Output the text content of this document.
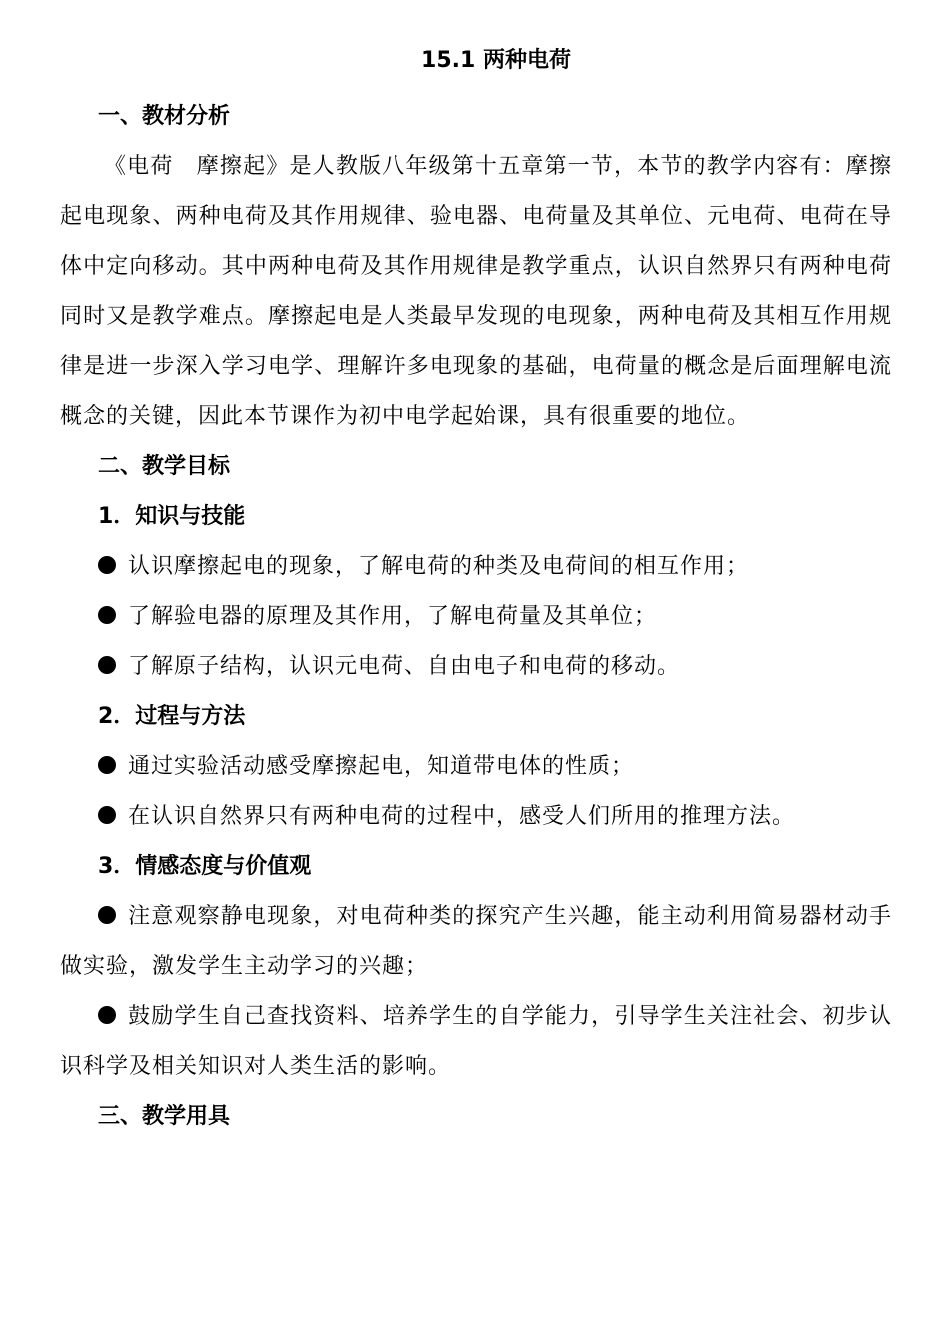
15.1 两种电荷
一、教材分析

《电荷　摩擦起》是人教版八年级第十五章第一节，本节的教学内容有：摩擦起电现象、两种电荷及其作用规律、验电器、电荷量及其单位、元电荷、电荷在导体中定向移动。其中两种电荷及其作用规律是教学重点，认识自然界只有两种电荷同时又是教学难点。摩擦起电是人类最早发现的电现象，两种电荷及其相互作用规律是进一步深入学习电学、理解许多电现象的基础，电荷量的概念是后面理解电流概念的关键，因此本节课作为初中电学起始课，具有很重要的地位。

二、教学目标
1．知识与技能

认识摩擦起电的现象，了解电荷的种类及电荷间的相互作用；

了解验电器的原理及其作用，了解电荷量及其单位；

了解原子结构，认识元电荷、自由电子和电荷的移动。

2．过程与方法

通过实验活动感受摩擦起电，知道带电体的性质；

在认识自然界只有两种电荷的过程中，感受人们所用的推理方法。

3．情感态度与价值观

注意观察静电现象，对电荷种类的探究产生兴趣，能主动利用简易器材动手做实验，激发学生主动学习的兴趣；

鼓励学生自己查找资料、培养学生的自学能力，引导学生关注社会、初步认识科学及相关知识对人类生活的影响。

三、教学用具
